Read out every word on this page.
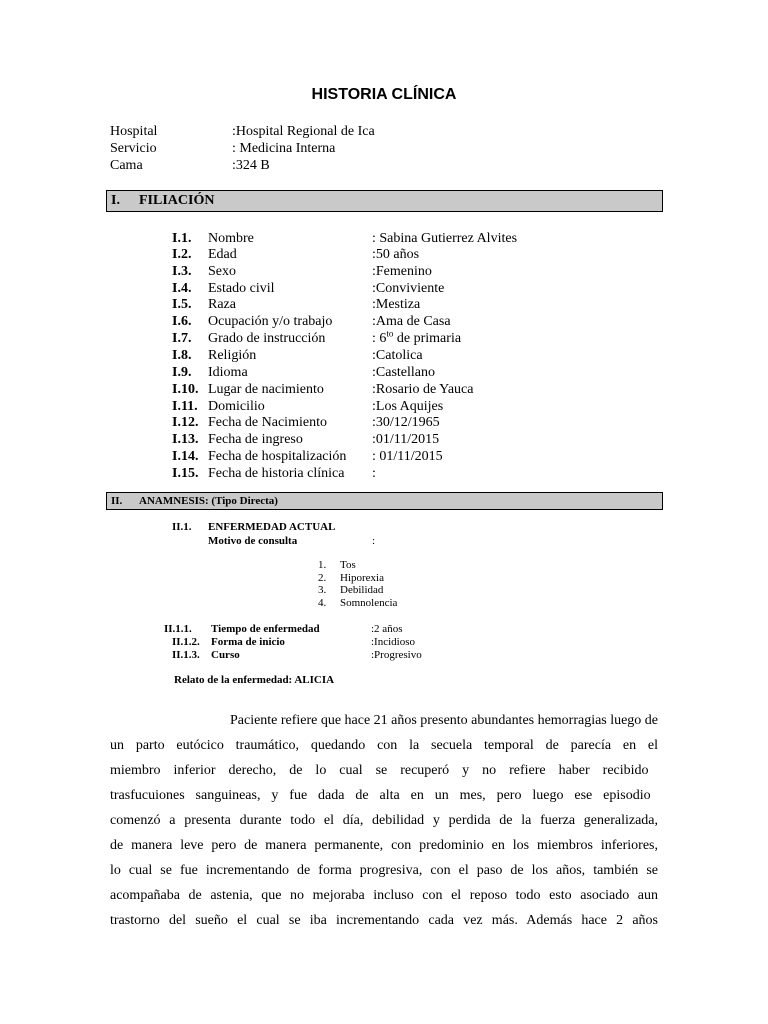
HISTORIA CLÍNICA
Hospital	:Hospital Regional de Ica
Servicio	: Medicina Interna
Cama	:324 B
I. FILIACIÓN
I.1. Nombre	: Sabina Gutierrez Alvites
I.2. Edad	:50 años
I.3. Sexo	:Femenino
I.4. Estado civil	:Conviviente
I.5. Raza	:Mestiza
I.6. Ocupación y/o trabajo	:Ama de Casa
I.7. Grado de instrucción	: $6^{to}$ de primaria
I.8. Religión	:Catolica
I.9. Idioma	:Castellano
I.10. Lugar de nacimiento	:Rosario de Yauca
I.11. Domicilio	:Los Aquijes
I.12. Fecha de Nacimiento	:30/12/1965
I.13. Fecha de ingreso	:01/11/2015
I.14. Fecha de hospitalización : 01/11/2015
I.15. Fecha de historia clínica :
II. ANAMNESIS: (Tipo Directa)
II.1. ENFERMEDAD ACTUAL
Motivo de consulta	:
1. Tos
2. Hiporexia
3. Debilidad
4. Somnolencia
II.1.1. Tiempo de enfermedad	:2 años
II.1.2. Forma de inicio	:Incidioso
II.1.3. Curso	:Progresivo
Relato de la enfermedad: ALICIA
Paciente refiere que hace 21 años presento abundantes hemorragias luego de
un parto eutócico traumático, quedando con la secuela temporal de parecía en el
miembro inferior derecho, de lo cual se recuperó y no refiere haber recibido
trasfucuiones sanguineas, y fue dada de alta en un mes, pero luego ese episodio
comenzó a presenta durante todo el día, debilidad y perdida de la fuerza generalizada,
de manera leve pero de manera permanente, con predominio en los miembros inferiores,
lo cual se fue incrementando de forma progresiva, con el paso de los años, también se
acompañaba de astenia, que no mejoraba incluso con el reposo todo esto asociado aun
trastorno del sueño el cual se iba incrementando cada vez más. Además hace 2 años
